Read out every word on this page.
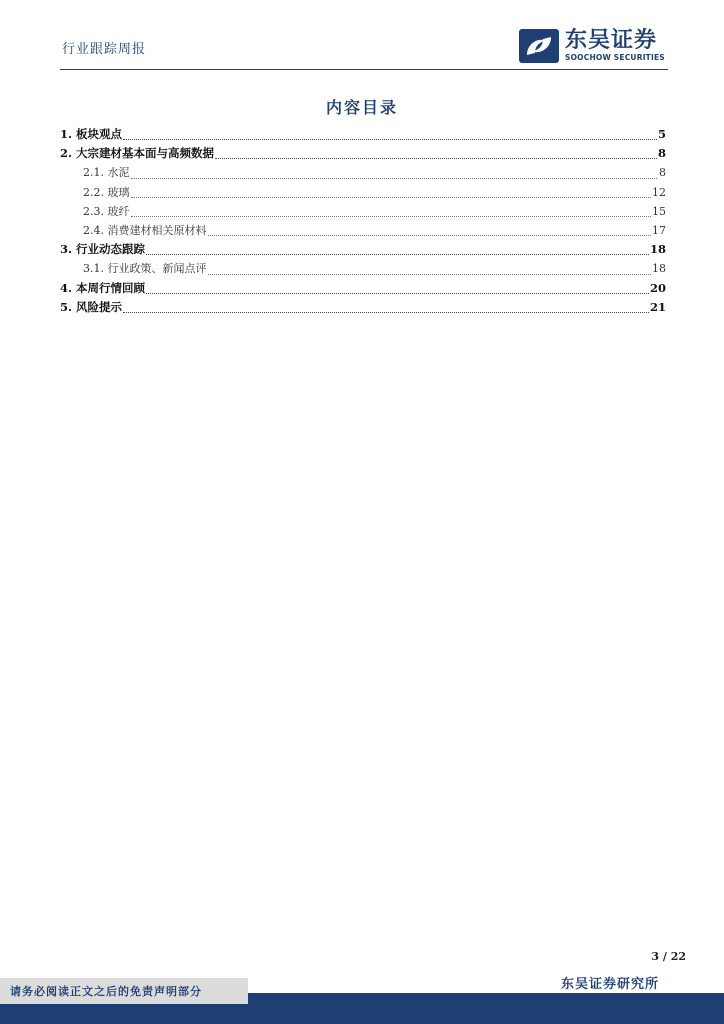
行业跟踪周报	东吴证券
SOOCHOW SECURITIES
内容目录
1. 板块观点	5
2. 大宗建材基本面与高频数据	8
2.1. 水泥	8
2.2. 玻璃	12
2.3. 玻纤	15
2.4. 消费建材相关原材料	17
3. 行业动态跟踪	18
3.1. 行业政策、新闻点评	18
4. 本周行情回顾	20
5. 风险提示	21
3 / 22
东吴证券研究所
请务必阅读正文之后的免责声明部分
